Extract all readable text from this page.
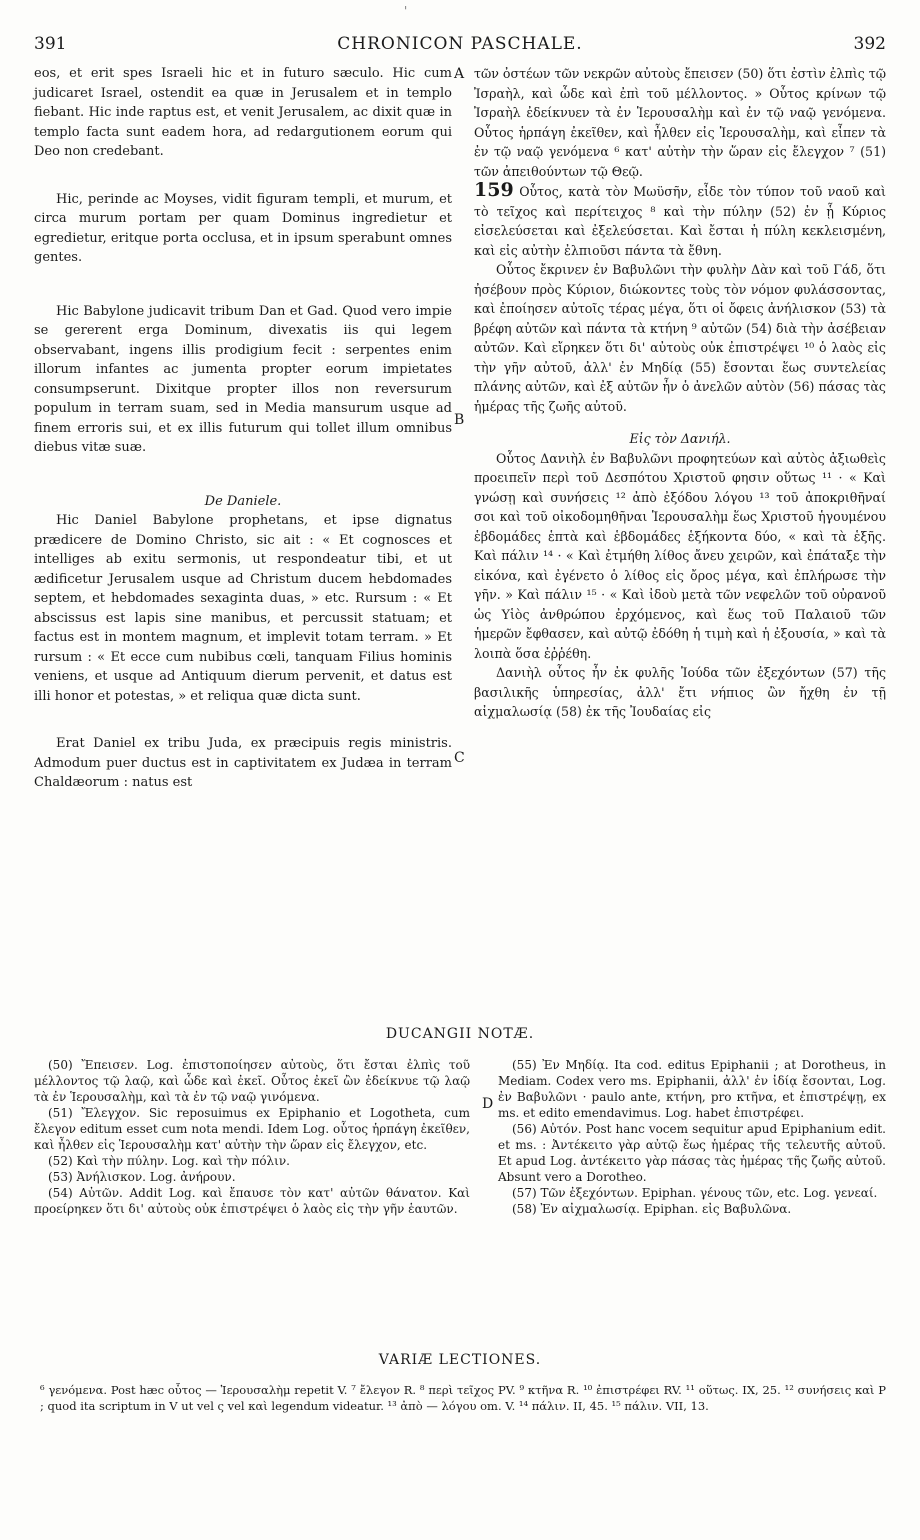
'
391	CHRONICON PASCHALE.	392
A
B
C
D

eos, et erit spes Israeli hic et in futuro sæculo. Hic cum judicaret Israel, ostendit ea quæ in Jerusalem et in templo fiebant. Hic inde raptus est, et venit Jerusalem, ac dixit quæ in templo facta sunt eadem hora, ad redargutionem eorum qui Deo non credebant.

Hic, perinde ac Moyses, vidit figuram templi, et murum, et circa murum portam per quam Dominus ingredietur et egredietur, eritque porta occlusa, et in ipsum sperabunt omnes gentes.

Hic Babylone judicavit tribum Dan et Gad. Quod vero impie se gererent erga Dominum, divexatis iis qui legem observabant, ingens illis prodigium fecit : serpentes enim illorum infantes ac jumenta propter eorum impietates consumpserunt. Dixitque propter illos non reversurum populum in terram suam, sed in Media mansurum usque ad finem erroris sui, et ex illis futurum qui tollet illum omnibus diebus vitæ suæ.

De Daniele.

Hic Daniel Babylone prophetans, et ipse dignatus prædicere de Domino Christo, sic ait : « Et cognosces et intelliges ab exitu sermonis, ut respondeatur tibi, et ut ædificetur Jerusalem usque ad Christum ducem hebdomades septem, et hebdomades sexaginta duas, » etc. Rursum : « Et abscissus est lapis sine manibus, et percussit statuam; et factus est in montem magnum, et implevit totam terram. » Et rursum : « Et ecce cum nubibus cœli, tanquam Filius hominis veniens, et usque ad Antiquum dierum pervenit, et datus est illi honor et potestas, » et reliqua quæ dicta sunt.

Erat Daniel ex tribu Juda, ex præcipuis regis ministris. Admodum puer ductus est in captivitatem ex Judæa in terram Chaldæorum : natus est

τῶν ὀστέων τῶν νεκρῶν αὐτοὺς ἔπεισεν (50) ὅτι ἐστὶν ἐλπὶς τῷ Ἰσραὴλ, καὶ ὧδε καὶ ἐπὶ τοῦ μέλλοντος. » Οὗτος κρίνων τῷ Ἰσραὴλ ἐδείκνυεν τὰ ἐν Ἱερουσαλὴμ καὶ ἐν τῷ ναῷ γενόμενα. Οὗτος ἡρπάγη ἐκεῖθεν, καὶ ἦλθεν εἰς Ἱερουσαλὴμ, καὶ εἶπεν τὰ ἐν τῷ ναῷ γενόμενα ⁶ κατ' αὐτὴν τὴν ὥραν εἰς ἔλεγχον ⁷ (51) τῶν ἀπειθούντων τῷ Θεῷ.

159 Οὗτος, κατὰ τὸν Μωϋσῆν, εἶδε τὸν τύπον τοῦ ναοῦ καὶ τὸ τεῖχος καὶ περίτειχος ⁸ καὶ τὴν πύλην (52) ἐν ᾗ Κύριος εἰσελεύσεται καὶ ἐξελεύσεται. Καὶ ἔσται ἡ πύλη κεκλεισμένη, καὶ εἰς αὐτὴν ἐλπιοῦσι πάντα τὰ ἔθνη.

Οὗτος ἔκρινεν ἐν Βαβυλῶνι τὴν φυλὴν Δὰν καὶ τοῦ Γάδ, ὅτι ἠσέβουν πρὸς Κύριον, διώκοντες τοὺς τὸν νόμον φυλάσσοντας, καὶ ἐποίησεν αὐτοῖς τέρας μέγα, ὅτι οἱ ὄφεις ἀνήλισκον (53) τὰ βρέφη αὐτῶν καὶ πάντα τὰ κτήνη ⁹ αὐτῶν (54) διὰ τὴν ἀσέβειαν αὐτῶν. Καὶ εἴρηκεν ὅτι δι' αὐτοὺς οὐκ ἐπιστρέψει ¹⁰ ὁ λαὸς εἰς τὴν γῆν αὐτοῦ, ἀλλ' ἐν Μηδίᾳ (55) ἔσονται ἕως συντελείας πλάνης αὐτῶν, καὶ ἐξ αὐτῶν ἦν ὁ ἀνελῶν αὐτὸν (56) πάσας τὰς ἡμέρας τῆς ζωῆς αὐτοῦ.

Εἰς τὸν Δανιήλ.

Οὗτος Δανιὴλ ἐν Βαβυλῶνι προφητεύων καὶ αὐτὸς ἀξιωθεὶς προειπεῖν περὶ τοῦ Δεσπότου Χριστοῦ φησιν οὕτως ¹¹ · « Καὶ γνώσῃ καὶ συνήσεις ¹² ἀπὸ ἐξόδου λόγου ¹³ τοῦ ἀποκριθῆναί σοι καὶ τοῦ οἰκοδομηθῆναι Ἱερουσαλὴμ ἕως Χριστοῦ ἡγουμένου ἑβδομάδες ἑπτὰ καὶ ἑβδομάδες ἑξήκοντα δύο, « καὶ τὰ ἑξῆς. Καὶ πάλιν ¹⁴ · « Καὶ ἐτμήθη λίθος ἄνευ χειρῶν, καὶ ἐπάταξε τὴν εἰκόνα, καὶ ἐγένετο ὁ λίθος εἰς ὄρος μέγα, καὶ ἐπλήρωσε τὴν γῆν. » Καὶ πάλιν ¹⁵ · « Καὶ ἰδοὺ μετὰ τῶν νεφελῶν τοῦ οὐρανοῦ ὡς Υἱὸς ἀνθρώπου ἐρχόμενος, καὶ ἕως τοῦ Παλαιοῦ τῶν ἡμερῶν ἔφθασεν, καὶ αὐτῷ ἐδόθη ἡ τιμὴ καὶ ἡ ἐξουσία, » καὶ τὰ λοιπὰ ὅσα ἐῤῥέθη.

Δανιὴλ οὗτος ἦν ἐκ φυλῆς Ἰούδα τῶν ἐξεχόντων (57) τῆς βασιλικῆς ὑπηρεσίας, ἀλλ' ἔτι νήπιος ὢν ἤχθη ἐν τῇ αἰχμαλωσίᾳ (58) ἐκ τῆς Ἰουδαίας εἰς

DUCANGII NOTÆ.

(50) Ἔπεισεν. Log. ἐπιστοποίησεν αὐτοὺς, ὅτι ἔσται ἐλπὶς τοῦ μέλλοντος τῷ λαῷ, καὶ ὧδε καὶ ἐκεῖ. Οὗτος ἐκεῖ ὢν ἐδείκνυε τῷ λαῷ τὰ ἐν Ἱερουσαλὴμ, καὶ τὰ ἐν τῷ ναῷ γινόμενα.

(51) Ἔλεγχον. Sic reposuimus ex Epiphanio et Logotheta, cum ἔλεγον editum esset cum nota mendi. Idem Log. οὗτος ἡρπάγη ἐκεῖθεν, καὶ ἦλθεν εἰς Ἱερουσαλὴμ κατ' αὐτὴν τὴν ὥραν εἰς ἔλεγχον, etc.

(52) Καὶ τὴν πύλην. Log. καὶ τὴν πόλιν.

(53) Ἀνήλισκον. Log. ἀνήρουν.

(54) Αὐτῶν. Addit Log. καὶ ἔπαυσε τὸν κατ' αὐτῶν θάνατον. Καὶ προείρηκεν ὅτι δι' αὐτοὺς οὐκ ἐπιστρέψει ὁ λαὸς εἰς τὴν γῆν ἑαυτῶν.

(55) Ἐν Μηδίᾳ. Ita cod. editus Epiphanii ; at Dorotheus, in Mediam. Codex vero ms. Epiphanii, ἀλλ' ἐν ἰδίᾳ ἔσονται, Log. ἐν Βαβυλῶνι · paulo ante, κτήνη, pro κτῆνα, et ἐπιστρέψῃ, ex ms. et edito emendavimus. Log. habet ἐπιστρέφει.

(56) Αὐτόν. Post hanc vocem sequitur apud Epiphanium edit. et ms. : Ἀντέκειτο γὰρ αὐτῷ ἕως ἡμέρας τῆς τελευτῆς αὐτοῦ. Et apud Log. ἀντέκειτο γὰρ πάσας τὰς ἡμέρας τῆς ζωῆς αὐτοῦ. Absunt vero a Dorotheo.

(57) Τῶν ἐξεχόντων. Epiphan. γένους τῶν, etc. Log. γενεαί.

(58) Ἐν αἰχμαλωσίᾳ. Epiphan. εἰς Βαβυλῶνα.

VARIÆ LECTIONES.
⁶ γενόμενα. Post hæc οὗτος — Ἱερουσαλὴμ repetit V. ⁷ ἔλεγον R. ⁸ περὶ τεῖχος PV. ⁹ κτῆνα R. ¹⁰ ἐπιστρέφει RV. ¹¹ οὕτως. IX, 25. ¹² συνήσεις καὶ P ; quod ita scriptum in V ut vel ς vel καὶ legendum videatur. ¹³ ἀπὸ — λόγου om. V. ¹⁴ πάλιν. II, 45. ¹⁵ πάλιν. VII, 13.
